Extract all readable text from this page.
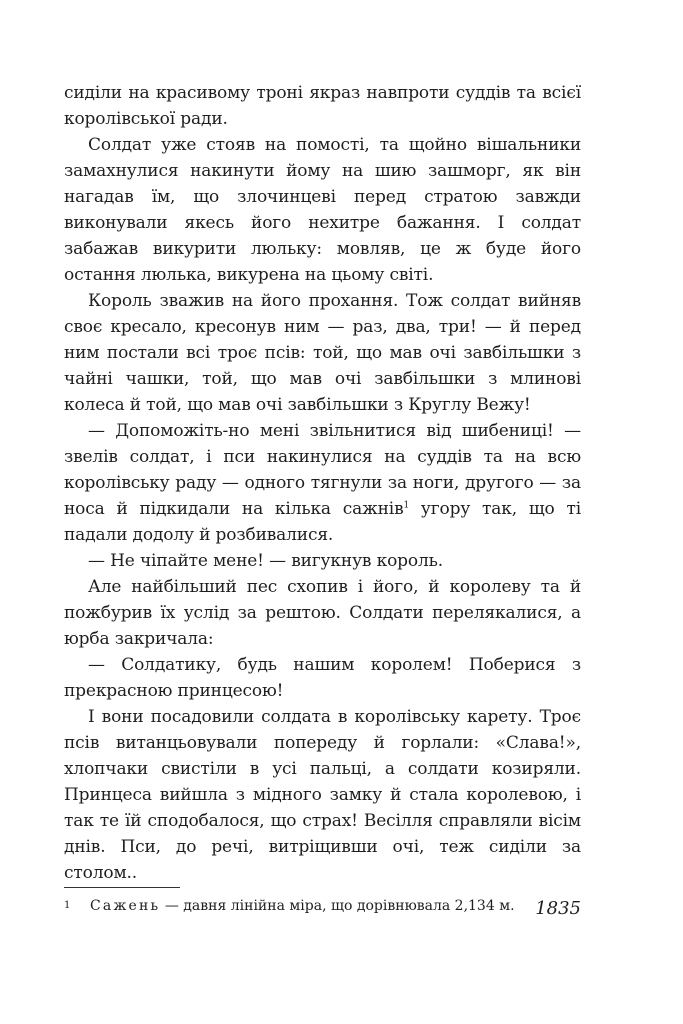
сиділи на красивому троні якраз навпроти суддів та всієї королівської ради.

Солдат уже стояв на помості, та щойно вішальники замахнулися накинути йому на шию зашморг, як він нагадав їм, що злочинцеві перед стратою завжди виконували якесь його нехитре бажання. І солдат забажав викурити люльку: мовляв, це ж буде його остання люлька, викурена на цьому світі.

Король зважив на його прохання. Тож солдат вийняв своє кресало, кресонув ним — раз, два, три! — й перед ним постали всі троє псів: той, що мав очі завбільшки з чайні чашки, той, що мав очі завбільшки з млинові колеса й той, що мав очі завбільшки з Круглу Вежу!

— Допоможіть-но мені звільнитися від шибениці! — звелів солдат, і пси накинулися на суддів та на всю королівську раду — одного тягнули за ноги, другого — за носа й підкидали на кілька сажнів$^1$ угору так, що ті падали додолу й розбивалися.

— Не чіпайте мене! — вигукнув король.

Але найбільший пес схопив і його, й королеву та й пожбурив їх услід за рештою. Солдати перелякалися, а юрба закричала:

— Солдатику, будь нашим королем! Поберися з прекрасною принцесою!

І вони посадовили солдата в королівську карету. Троє псів витанцьовували попереду й горлали: «Слава!», хлопчаки свистіли в усі пальці, а солдати козиряли. Принцеса вийшла з мідного замку й стала королевою, і так те їй сподобалося, що страх! Весілля справляли вісім днів. Пси, до речі, витріщивши очі, теж сиділи за столом..

1835
1 Сажень — давня лінійна міра, що дорівнювала 2,134 м.
